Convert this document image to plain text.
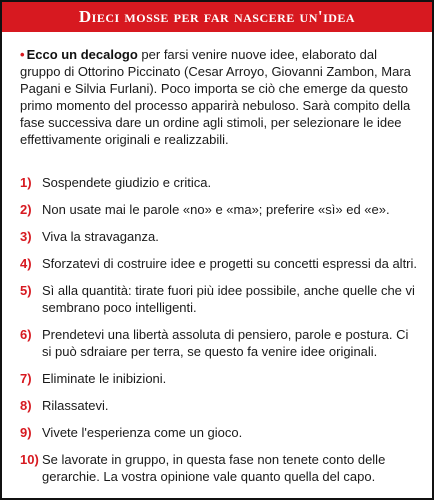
Dieci mosse per far nascere un'idea
• Ecco un decalogo per farsi venire nuove idee, elaborato dal gruppo di Ottorino Piccinato (Cesar Arroyo, Giovanni Zambon, Mara Pagani e Silvia Furlani). Poco importa se ciò che emerge da questo primo momento del processo apparirà nebuloso. Sarà compito della fase successiva dare un ordine agli stimoli, per selezionare le idee effettivamente originali e realizzabili.
1) Sospendete giudizio e critica.
2) Non usate mai le parole «no» e «ma»; preferire «sì» ed «e».
3) Viva la stravaganza.
4) Sforzatevi di costruire idee e progetti su concetti espressi da altri.
5) Sì alla quantità: tirate fuori più idee possibile, anche quelle che vi sembrano poco intelligenti.
6) Prendetevi una libertà assoluta di pensiero, parole e postura. Ci si può sdraiare per terra, se questo fa venire idee originali.
7) Eliminate le inibizioni.
8) Rilassatevi.
9) Vivete l'esperienza come un gioco.
10) Se lavorate in gruppo, in questa fase non tenete conto delle gerarchie. La vostra opinione vale quanto quella del capo.
